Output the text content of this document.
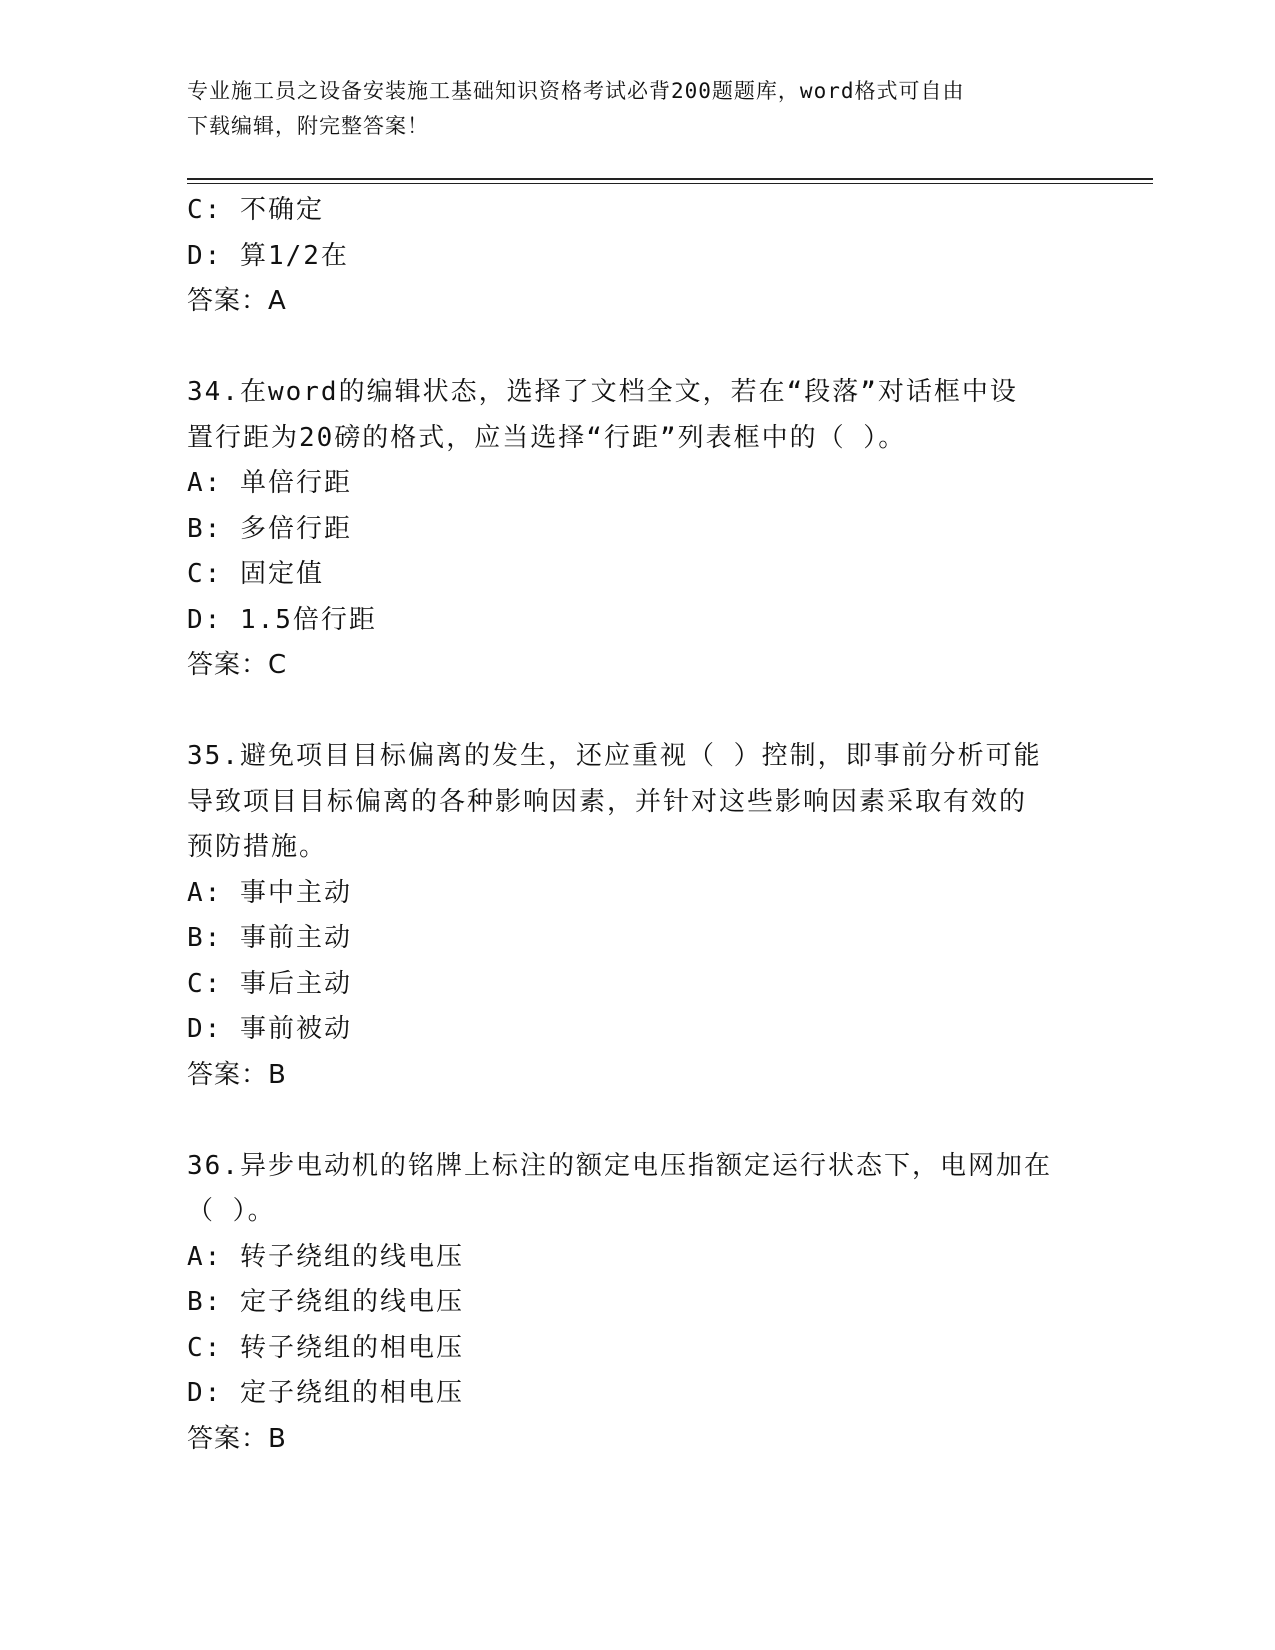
专业施工员之设备安装施工基础知识资格考试必背200题题库，word格式可自由
下载编辑，附完整答案！
C: 不确定
D: 算1/2在
答案：A
34.在word的编辑状态，选择了文档全文，若在“段落”对话框中设
置行距为20磅的格式，应当选择“行距”列表框中的（ ）。
A: 单倍行距
B: 多倍行距
C: 固定值
D: 1.5倍行距
答案：C
35.避免项目目标偏离的发生，还应重视（ ）控制，即事前分析可能
导致项目目标偏离的各种影响因素，并针对这些影响因素采取有效的
预防措施。
A: 事中主动
B: 事前主动
C: 事后主动
D: 事前被动
答案：B
36.异步电动机的铭牌上标注的额定电压指额定运行状态下，电网加在
（ ）。
A: 转子绕组的线电压
B: 定子绕组的线电压
C: 转子绕组的相电压
D: 定子绕组的相电压
答案：B
